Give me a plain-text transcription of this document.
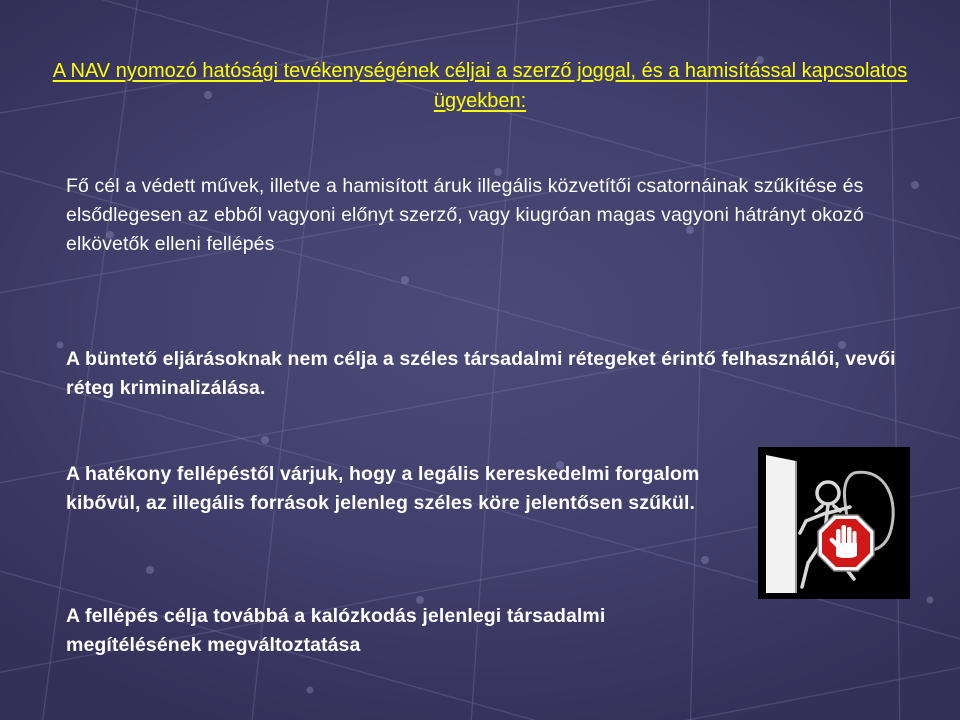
A NAV nyomozó hatósági tevékenységének céljai a szerző joggal, és a hamisítással kapcsolatos ügyekben:
Fő cél a védett művek, illetve a hamisított áruk illegális közvetítői csatornáinak szűkítése és elsődlegesen az ebből vagyoni előnyt szerző, vagy kiugróan magas vagyoni hátrányt okozó elkövetők elleni fellépés
A büntető eljárásoknak nem célja a széles társadalmi rétegeket érintő felhasználói, vevői réteg kriminalizálása.
A hatékony fellépéstől várjuk, hogy a legális kereskedelmi forgalom kibővül, az illegális források jelenleg széles köre jelentősen szűkül.
A fellépés célja továbbá a kalózkodás jelenlegi társadalmi megítélésének megváltoztatása
